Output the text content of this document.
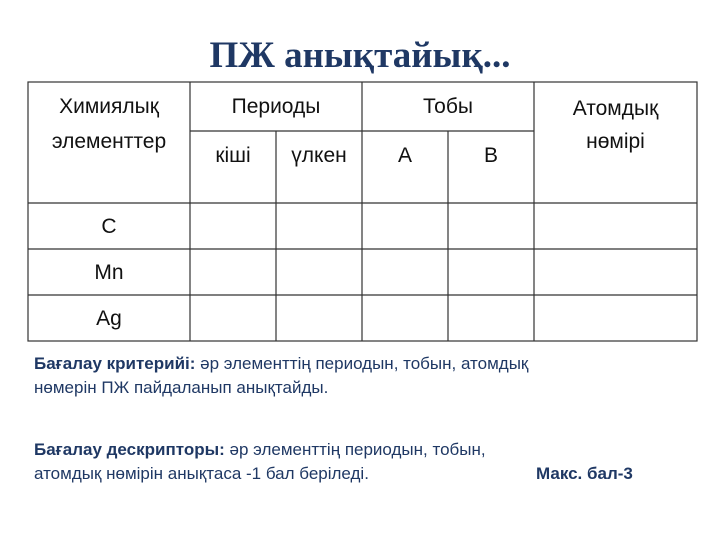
ПЖ анықтайық...
Химиялық
элементтер
Периоды	Тобы	Атомдық
нөмірі
кіші	үлкен	А	В
C
Mn
Ag
Бағалау критерийі: әр элементтің периодын, тобын, атомдық
нөмерін ПЖ пайдаланып анықтайды.
Бағалау дескрипторы: әр элементтің периодын, тобын,
атомдық нөмірін анықтаса -1 бал беріледі.	Макс. бал-3
